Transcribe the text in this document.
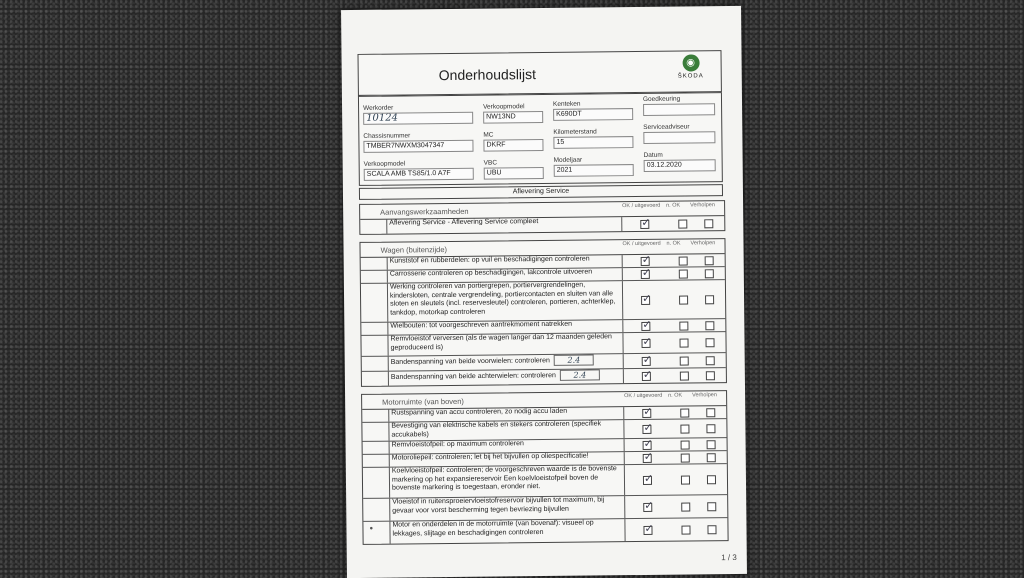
Onderhoudslijst
◉
ŠKODA
Werkorder
10124
Verkoopmodel
NW13ND
Kenteken
K690DT
Goedkeuring
Chassisnummer
TMBER7NWXM3047347
MC
DKRF
Kilometerstand
15
Serviceadviseur
Verkoopmodel
SCALA AMB TS85/1.0 A7F
VBC
UBU
Modeljaar
2021
Datum
03.12.2020
Aflevering Service
Aanvangswerkzaamheden
OK / uitgevoerd n. OK Verholpen
Aflevering Service - Aflevering Service compleet
✓
Wagen (buitenzijde)
OK / uitgevoerd n. OK Verholpen
Kunststof en rubberdelen: op vuil en beschadigingen controleren
✓
Carrosserie controleren op beschadigingen, lakcontrole uitvoeren
✓
Werking controleren van portiergrepen, portiervergrendelingen, kindersloten, centrale vergrendeling, portiercontacten en sluiten van alle sloten en sleutels (incl. reservesleutel) controleren, portieren, achterklep, tankdop, motorkap controleren
✓
Wielbouten: tot voorgeschreven aantrekmoment natrekken
✓
Remvloeistof verversen (als de wagen langer dan 12 maanden geleden geproduceerd is)
✓
Bandenspanning van beide voorwielen: controleren 2.4
✓
Bandenspanning van beide achterwielen: controleren 2.4
✓
Motorruimte (van boven)
OK / uitgevoerd n. OK Verholpen
Rustspanning van accu controleren, zo nodig accu laden
✓
Bevestiging van elektrische kabels en stekers controleren (specifiek accukabels)
✓
Remvloeistofpeil: op maximum controleren
✓
Motoroliepeil: controleren; let bij het bijvullen op oliespecificatie!
✓
Koelvloeistofpeil: controleren; de voorgeschreven waarde is de bovenste markering op het expansiereservoir Een koelvloeistofpeil boven de bovenste markering is toegestaan, eronder niet.
✓
Vloeistof in ruitensproeiervloeistofreservoir bijvullen tot maximum, bij gevaar voor vorst bescherming tegen bevriezing bijvullen
✓
●
Motor en onderdelen in de motorruimte (van bovenaf): visueel op lekkages, slijtage en beschadigingen controleren
✓
1 / 3
